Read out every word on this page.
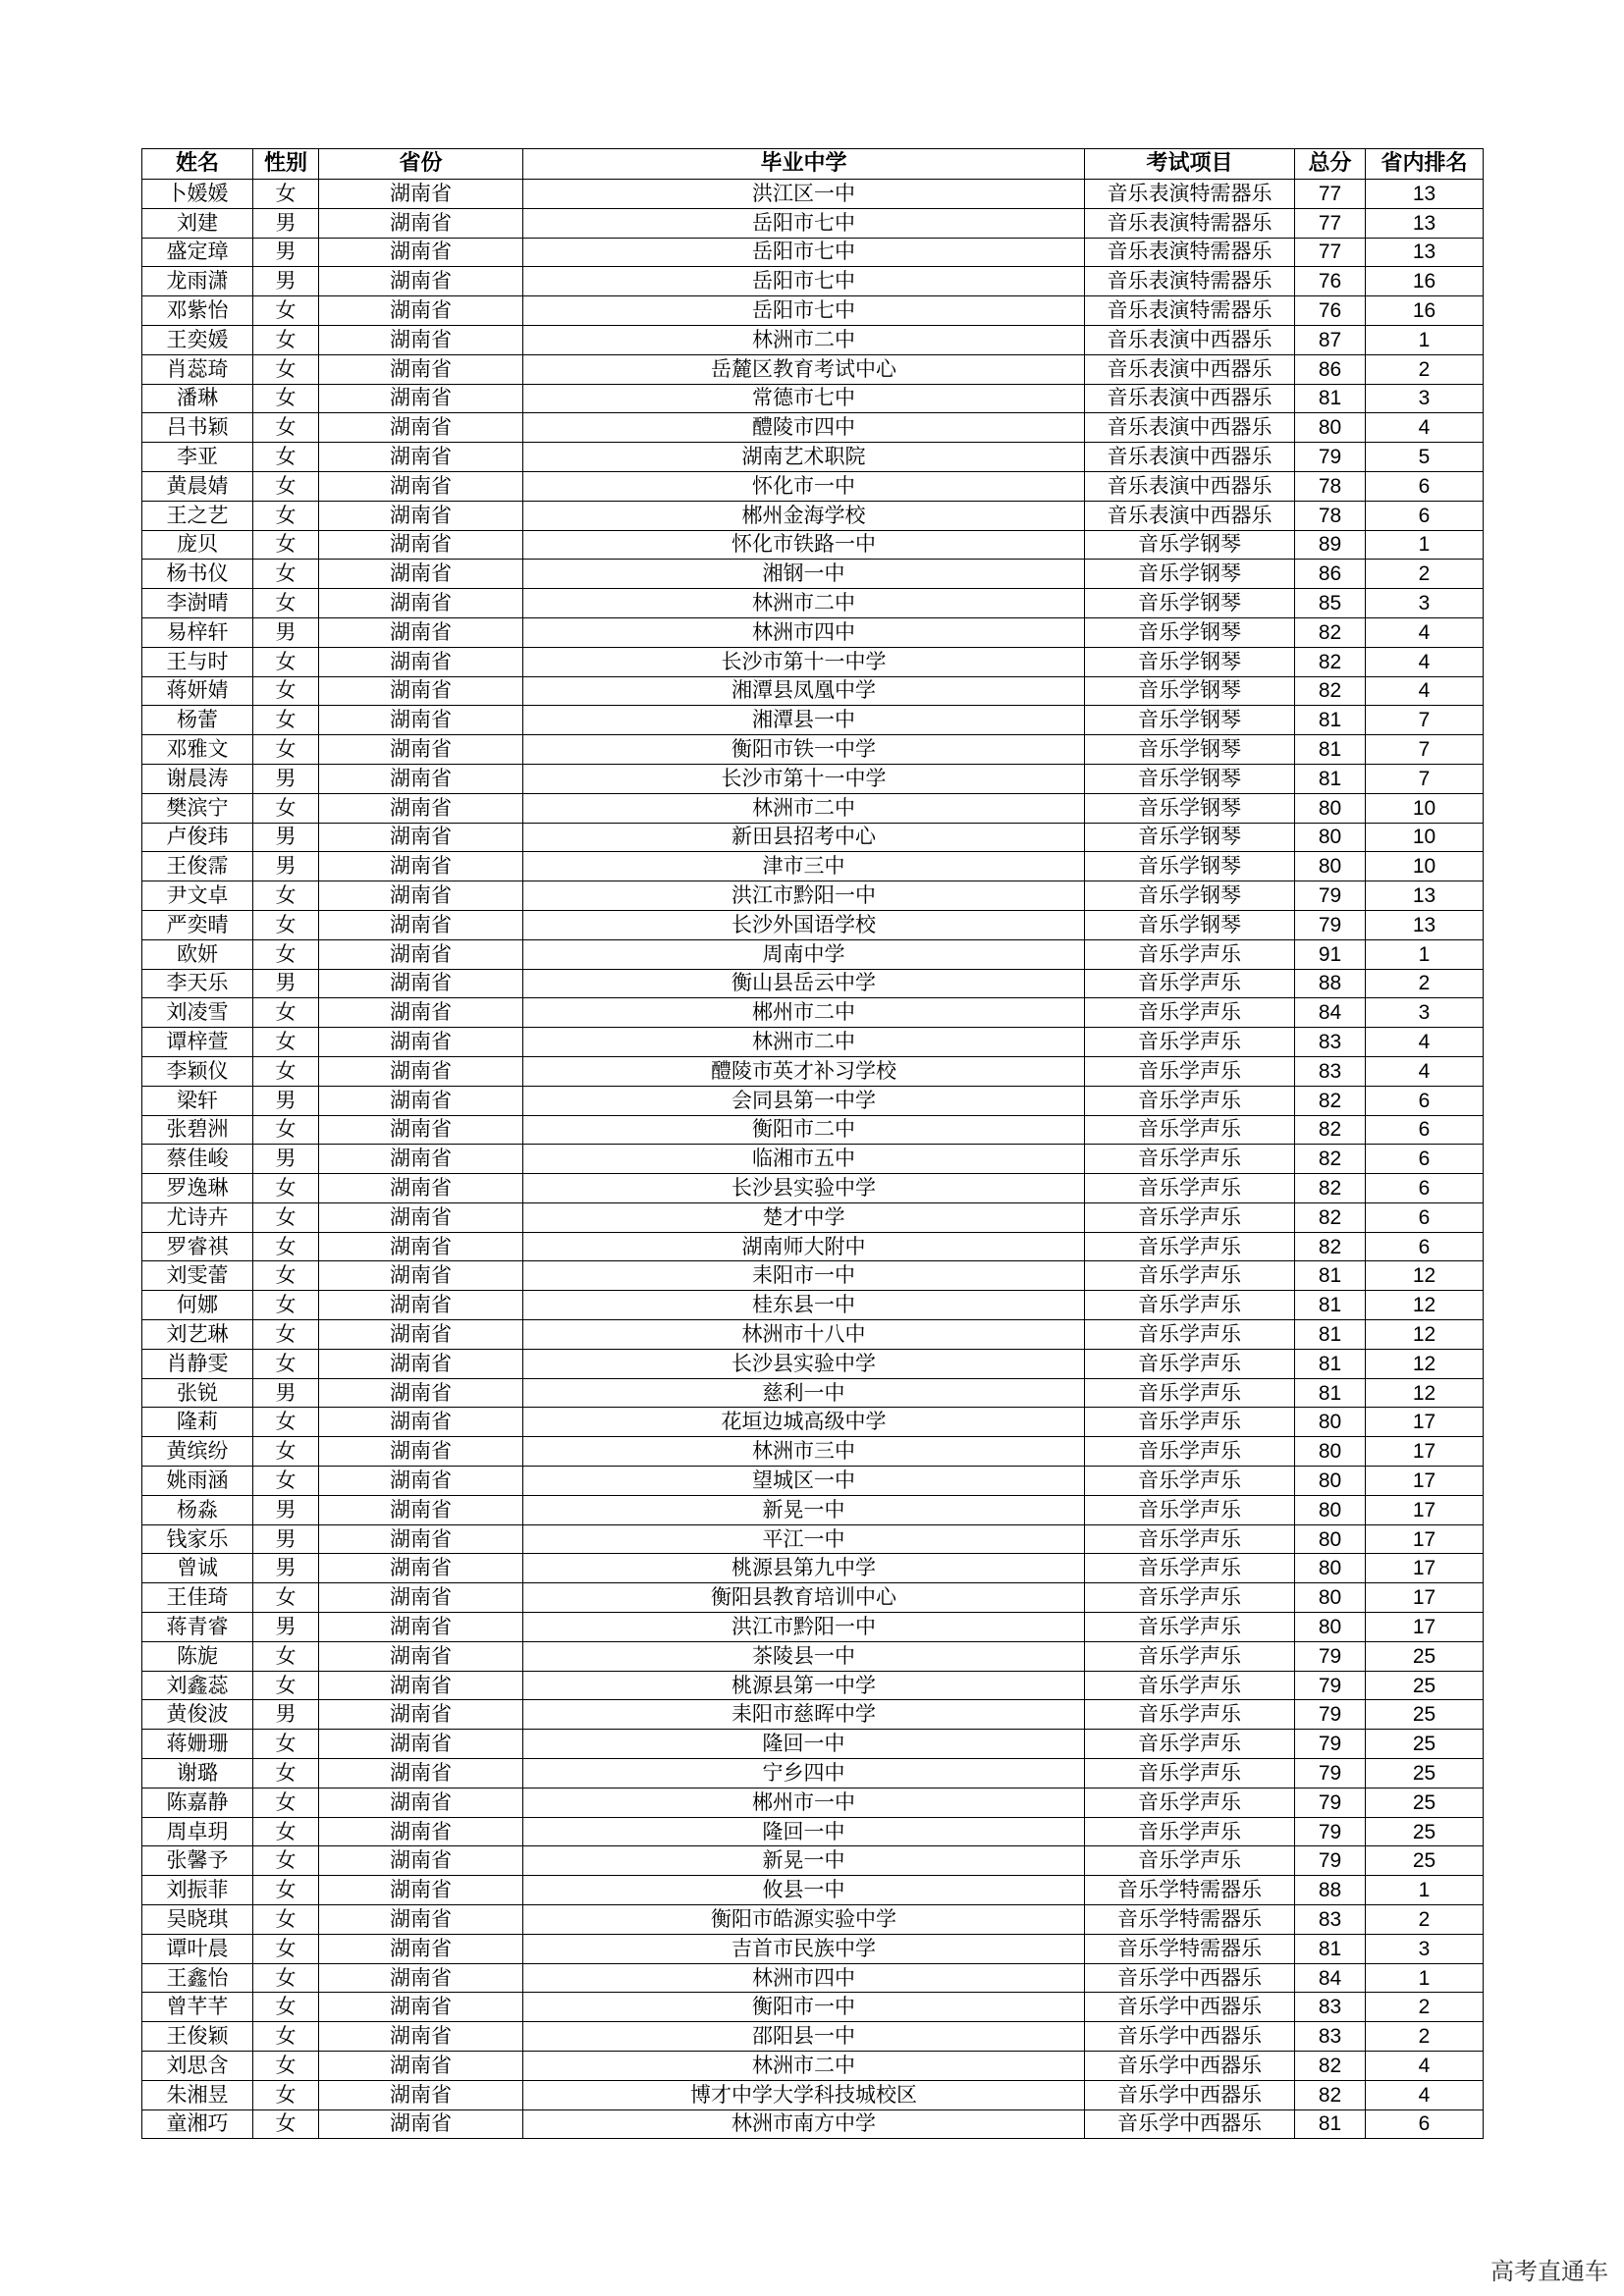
姓名	性别	省份	毕业中学	考试项目	总分	省内排名
卜媛媛	女	湖南省	洪江区一中	音乐表演特需器乐	77	13
刘建	男	湖南省	岳阳市七中	音乐表演特需器乐	77	13
盛定璋	男	湖南省	岳阳市七中	音乐表演特需器乐	77	13
龙雨潇	男	湖南省	岳阳市七中	音乐表演特需器乐	76	16
邓紫怡	女	湖南省	岳阳市七中	音乐表演特需器乐	76	16
王奕媛	女	湖南省	林洲市二中	音乐表演中西器乐	87	1
肖蕊琦	女	湖南省	岳麓区教育考试中心	音乐表演中西器乐	86	2
潘琳	女	湖南省	常德市七中	音乐表演中西器乐	81	3
吕书颖	女	湖南省	醴陵市四中	音乐表演中西器乐	80	4
李亚	女	湖南省	湖南艺术职院	音乐表演中西器乐	79	5
黄晨婧	女	湖南省	怀化市一中	音乐表演中西器乐	78	6
王之艺	女	湖南省	郴州金海学校	音乐表演中西器乐	78	6
庞贝	女	湖南省	怀化市铁路一中	音乐学钢琴	89	1
杨书仪	女	湖南省	湘钢一中	音乐学钢琴	86	2
李澍晴	女	湖南省	林洲市二中	音乐学钢琴	85	3
易梓轩	男	湖南省	林洲市四中	音乐学钢琴	82	4
王与时	女	湖南省	长沙市第十一中学	音乐学钢琴	82	4
蒋妍婧	女	湖南省	湘潭县凤凰中学	音乐学钢琴	82	4
杨蕾	女	湖南省	湘潭县一中	音乐学钢琴	81	7
邓雅文	女	湖南省	衡阳市铁一中学	音乐学钢琴	81	7
谢晨涛	男	湖南省	长沙市第十一中学	音乐学钢琴	81	7
樊滨宁	女	湖南省	林洲市二中	音乐学钢琴	80	10
卢俊玮	男	湖南省	新田县招考中心	音乐学钢琴	80	10
王俊霈	男	湖南省	津市三中	音乐学钢琴	80	10
尹文卓	女	湖南省	洪江市黔阳一中	音乐学钢琴	79	13
严奕晴	女	湖南省	长沙外国语学校	音乐学钢琴	79	13
欧妍	女	湖南省	周南中学	音乐学声乐	91	1
李天乐	男	湖南省	衡山县岳云中学	音乐学声乐	88	2
刘凌雪	女	湖南省	郴州市二中	音乐学声乐	84	3
谭梓萱	女	湖南省	林洲市二中	音乐学声乐	83	4
李颖仪	女	湖南省	醴陵市英才补习学校	音乐学声乐	83	4
梁轩	男	湖南省	会同县第一中学	音乐学声乐	82	6
张碧洲	女	湖南省	衡阳市二中	音乐学声乐	82	6
蔡佳峻	男	湖南省	临湘市五中	音乐学声乐	82	6
罗逸琳	女	湖南省	长沙县实验中学	音乐学声乐	82	6
尤诗卉	女	湖南省	楚才中学	音乐学声乐	82	6
罗睿祺	女	湖南省	湖南师大附中	音乐学声乐	82	6
刘雯蕾	女	湖南省	耒阳市一中	音乐学声乐	81	12
何娜	女	湖南省	桂东县一中	音乐学声乐	81	12
刘艺琳	女	湖南省	林洲市十八中	音乐学声乐	81	12
肖静雯	女	湖南省	长沙县实验中学	音乐学声乐	81	12
张锐	男	湖南省	慈利一中	音乐学声乐	81	12
隆莉	女	湖南省	花垣边城高级中学	音乐学声乐	80	17
黄缤纷	女	湖南省	林洲市三中	音乐学声乐	80	17
姚雨涵	女	湖南省	望城区一中	音乐学声乐	80	17
杨淼	男	湖南省	新晃一中	音乐学声乐	80	17
钱家乐	男	湖南省	平江一中	音乐学声乐	80	17
曾诚	男	湖南省	桃源县第九中学	音乐学声乐	80	17
王佳琦	女	湖南省	衡阳县教育培训中心	音乐学声乐	80	17
蒋青睿	男	湖南省	洪江市黔阳一中	音乐学声乐	80	17
陈旎	女	湖南省	茶陵县一中	音乐学声乐	79	25
刘鑫蕊	女	湖南省	桃源县第一中学	音乐学声乐	79	25
黄俊波	男	湖南省	耒阳市慈晖中学	音乐学声乐	79	25
蒋姗珊	女	湖南省	隆回一中	音乐学声乐	79	25
谢璐	女	湖南省	宁乡四中	音乐学声乐	79	25
陈嘉静	女	湖南省	郴州市一中	音乐学声乐	79	25
周卓玥	女	湖南省	隆回一中	音乐学声乐	79	25
张馨予	女	湖南省	新晃一中	音乐学声乐	79	25
刘振菲	女	湖南省	攸县一中	音乐学特需器乐	88	1
吴晓琪	女	湖南省	衡阳市皓源实验中学	音乐学特需器乐	83	2
谭叶晨	女	湖南省	吉首市民族中学	音乐学特需器乐	81	3
王鑫怡	女	湖南省	林洲市四中	音乐学中西器乐	84	1
曾芊芊	女	湖南省	衡阳市一中	音乐学中西器乐	83	2
王俊颖	女	湖南省	邵阳县一中	音乐学中西器乐	83	2
刘思含	女	湖南省	林洲市二中	音乐学中西器乐	82	4
朱湘昱	女	湖南省	博才中学大学科技城校区	音乐学中西器乐	82	4
童湘巧	女	湖南省	林洲市南方中学	音乐学中西器乐	81	6
高考直通车
